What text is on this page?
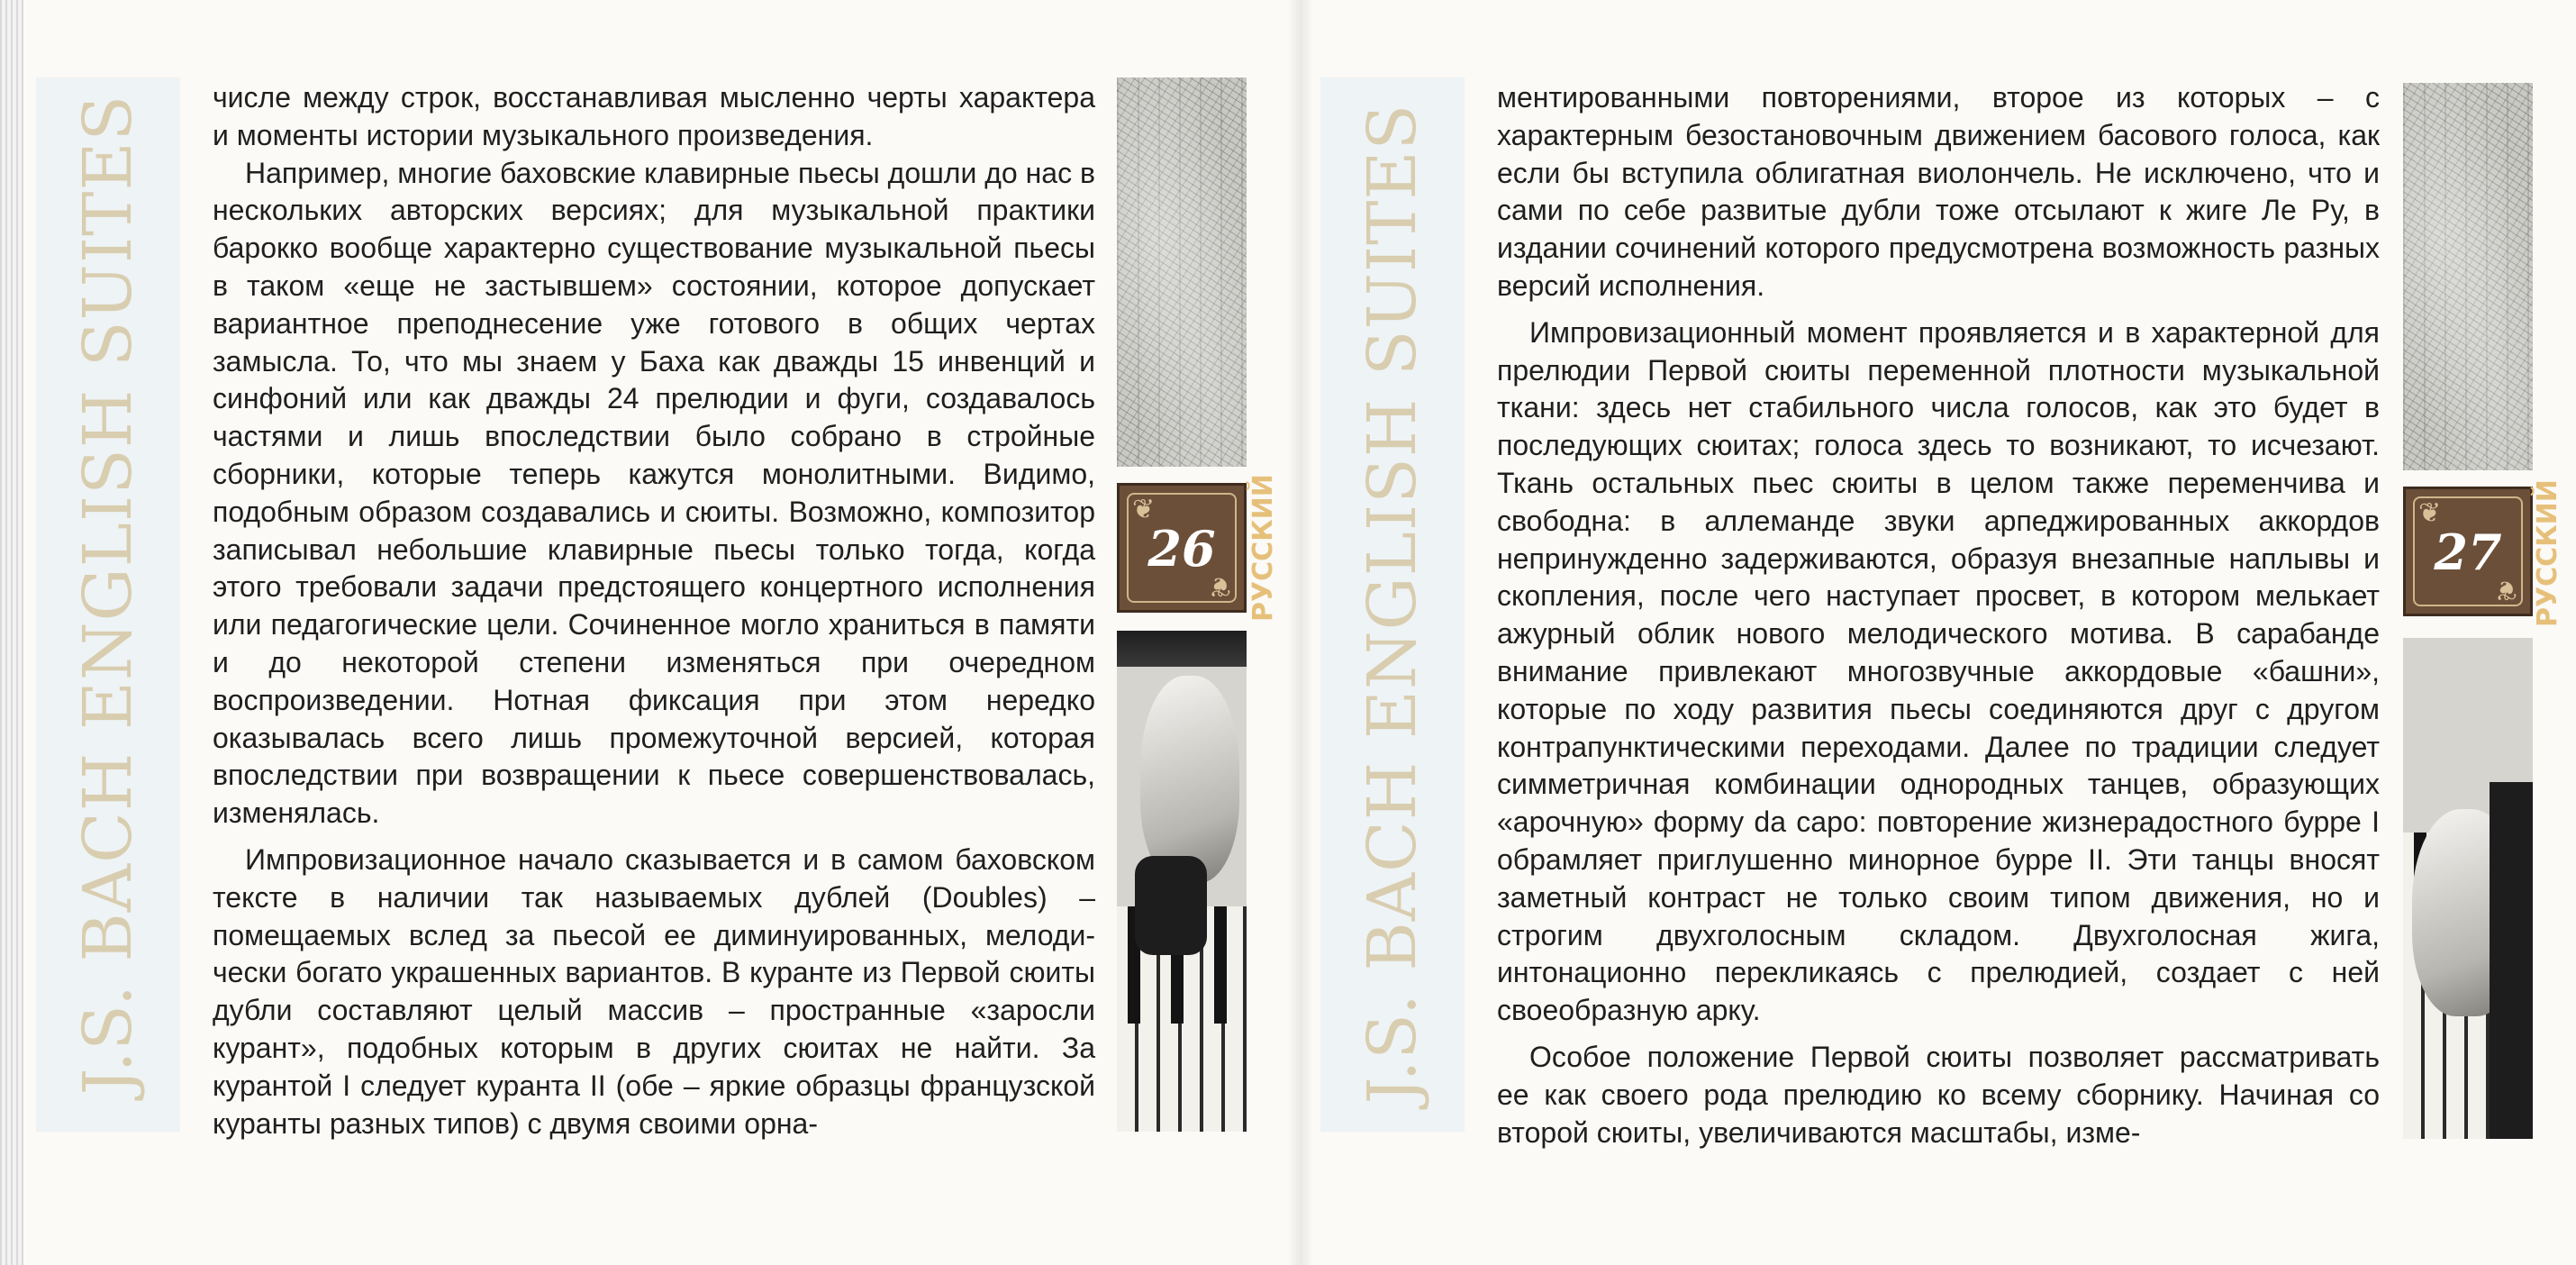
J.S. BACH ENGLISH SUITES	числе между строк, восстанавливая мысленно черты характера и моменты истории музыкального произведения.

Например, многие баховские клавирные пьесы дошли до нас в нескольких авторских версиях; для музыкальной практики барокко вообще характерно существование музыкальной пьесы в таком «еще не застывшем» состоянии, которое допускает вариантное преподнесение уже готового в общих чертах замысла. То, что мы знаем у Баха как дважды 15 инвенций и синфоний или как дважды 24 прелюдии и фуги, создавалось частями и лишь впоследствии было собрано в стройные сборники, которые теперь кажутся монолитными. Видимо, подобным образом создавались и сюиты. Возможно, композитор записывал небольшие клавирные пьесы только тогда, когда этого требовали задачи предстоящего концертного исполнения или педагогические цели. Сочиненное могло храниться в памяти и до некоторой степени изменяться при очередном воспроизведении. Нотная фиксация при этом нередко оказывалась всего лишь промежуточной версией, которая впоследствии при возвращении к пьесе совершенствовалась, изменялась.

Импровизационное начало сказывается и в самом баховском тексте в наличии так называемых дублей (Doubles) – помещаемых вслед за пьесой ее диминуированных, мелодически богато украшенных вариантов. В куранте из Первой сюиты дубли составляют целый массив – пространные «заросли курант», подобных которым в других сюитах не найти. За курантой I следует куранта II (обе – яркие образцы французской куранты разных типов) с двумя своими орна-

❦ ❦
26	РУССКИЙ	J.S. BACH ENGLISH SUITES

ментированными повторениями, второе из которых – с характерным безостановочным движением басового голоса, как если бы вступила облигатная виолончель. Не исключено, что и сами по себе развитые дубли тоже отсылают к жиге Ле Ру, в издании сочинений которого предусмотрена возможность разных версий исполнения.

Импровизационный момент проявляется и в характерной для прелюдии Первой сюиты переменной плотности музыкальной ткани: здесь нет стабильного числа голосов, как это будет в последующих сюитах; голоса здесь то возникают, то исчезают. Ткань остальных пьес сюиты в целом также переменчива и свободна: в аллеманде звуки арпеджированных аккордов непринужденно задерживаются, образуя внезапные наплывы и скопления, после чего наступает просвет, в котором мелькает ажурный облик нового мелодического мотива. В сарабанде внимание привлекают многозвучные аккордовые «башни», которые по ходу развития пьесы соединяются друг с другом контрапунктическими переходами. Далее по традиции следует симметричная комбинации однородных танцев, образующих «арочную» форму da capo: повторение жизнерадостного бурре I обрамляет приглушенно минорное бурре II. Эти танцы вносят заметный контраст не только своим типом движения, но и строгим двухголосным складом. Двухголосная жига, интонационно перекликаясь с прелюдией, создает с ней своеобразную арку.

Особое положение Первой сюиты позволяет рассматривать ее как своего рода прелюдию ко всему сборнику. Начиная со второй сюиты, увеличиваются масштабы, изме-

❦ ❦
27	РУССКИЙ
